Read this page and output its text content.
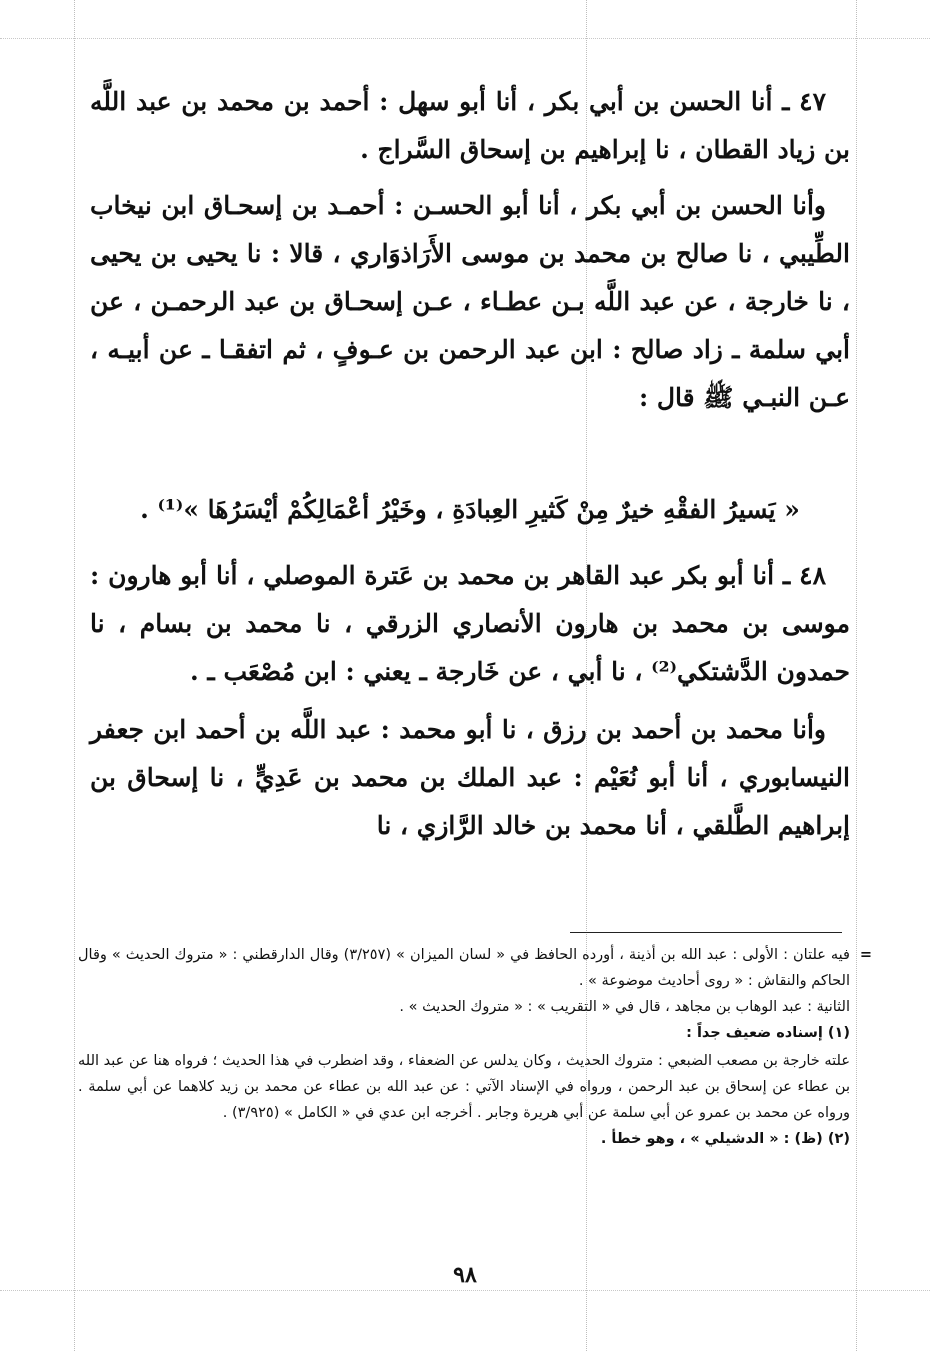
٤٧ ـ أنا الحسن بن أبي بكر ، أنا أبو سهل : أحمد بن محمد بن عبد اللَّه بن زياد القطان ، نا إبراهيم بن إسحاق السَّراج .

وأنا الحسن بن أبي بكر ، أنا أبو الحسـن : أحمـد بن إسحـاق ابن نيخاب الطِّيبي ، نا صالح بن محمد بن موسى الأَرَاذوَاري ، قالا : نا يحيى بن يحيى ، نا خارجة ، عن عبد اللَّه بـن عطـاء ، عـن إسحـاق بن عبد الرحمـن ، عن أبي سلمة ـ زاد صالح : ابن عبد الرحمن بن عـوفٍ ، ثم اتفقـا ـ عن أبيـه ، عـن النبـي ﷺ قال :

« يَسيرُ الفقْهِ خيرٌ مِنْ كَثيرِ العِبادَةِ ، وخَيْرُ أعْمَالِكُمْ أيْسَرُهَا »⁽¹⁾ .

٤٨ ـ أنا أبو بكر عبد القاهر بن محمد بن عَترة الموصلي ، أنا أبو هارون : موسى بن محمد بن هارون الأنصاري الزرقي ، نا محمد بن بسام ، نا حمدون الدَّشتكي⁽²⁾ ، نا أبي ، عن خَارجة ـ يعني : ابن مُصْعَب ـ .

وأنا محمد بن أحمد بن رزق ، نا أبو محمد : عبد اللَّه بن أحمد ابن جعفر النيسابوري ، أنا أبو نُعَيْم : عبد الملك بن محمد بن عَدِيٍّ ، نا إسحاق بن إبراهيم الطَّلقي ، أنا محمد بن خالد الرَّازي ، نا

=

فيه علتان : الأولى : عبد الله بن أذينة ، أورده الحافظ في « لسان الميزان » (٣/٢٥٧) وقال الدارقطني : « متروك الحديث » وقال الحاكم والنقاش : « روى أحاديث موضوعة » .

الثانية : عبد الوهاب بن مجاهد ، قال في « التقريب » : « متروك الحديث » .

(١) إسناده ضعيف جداً :

علته خارجة بن مصعب الضبعي : متروك الحديث ، وكان يدلس عن الضعفاء ، وقد اضطرب في هذا الحديث ؛ فرواه هنا عن عبد الله بن عطاء عن إسحاق بن عبد الرحمن ، ورواه في الإسناد الآتي : عن عبد الله بن عطاء عن محمد بن زيد كلاهما عن أبي سلمة . ورواه عن محمد بن عمرو عن أبي سلمة عن أبي هريرة وجابر . أخرجه ابن عدي في « الكامل » (٣/٩٢٥) .

(٢) (ظ) : « الدشيلي » ، وهو خطأ .

٩٨
